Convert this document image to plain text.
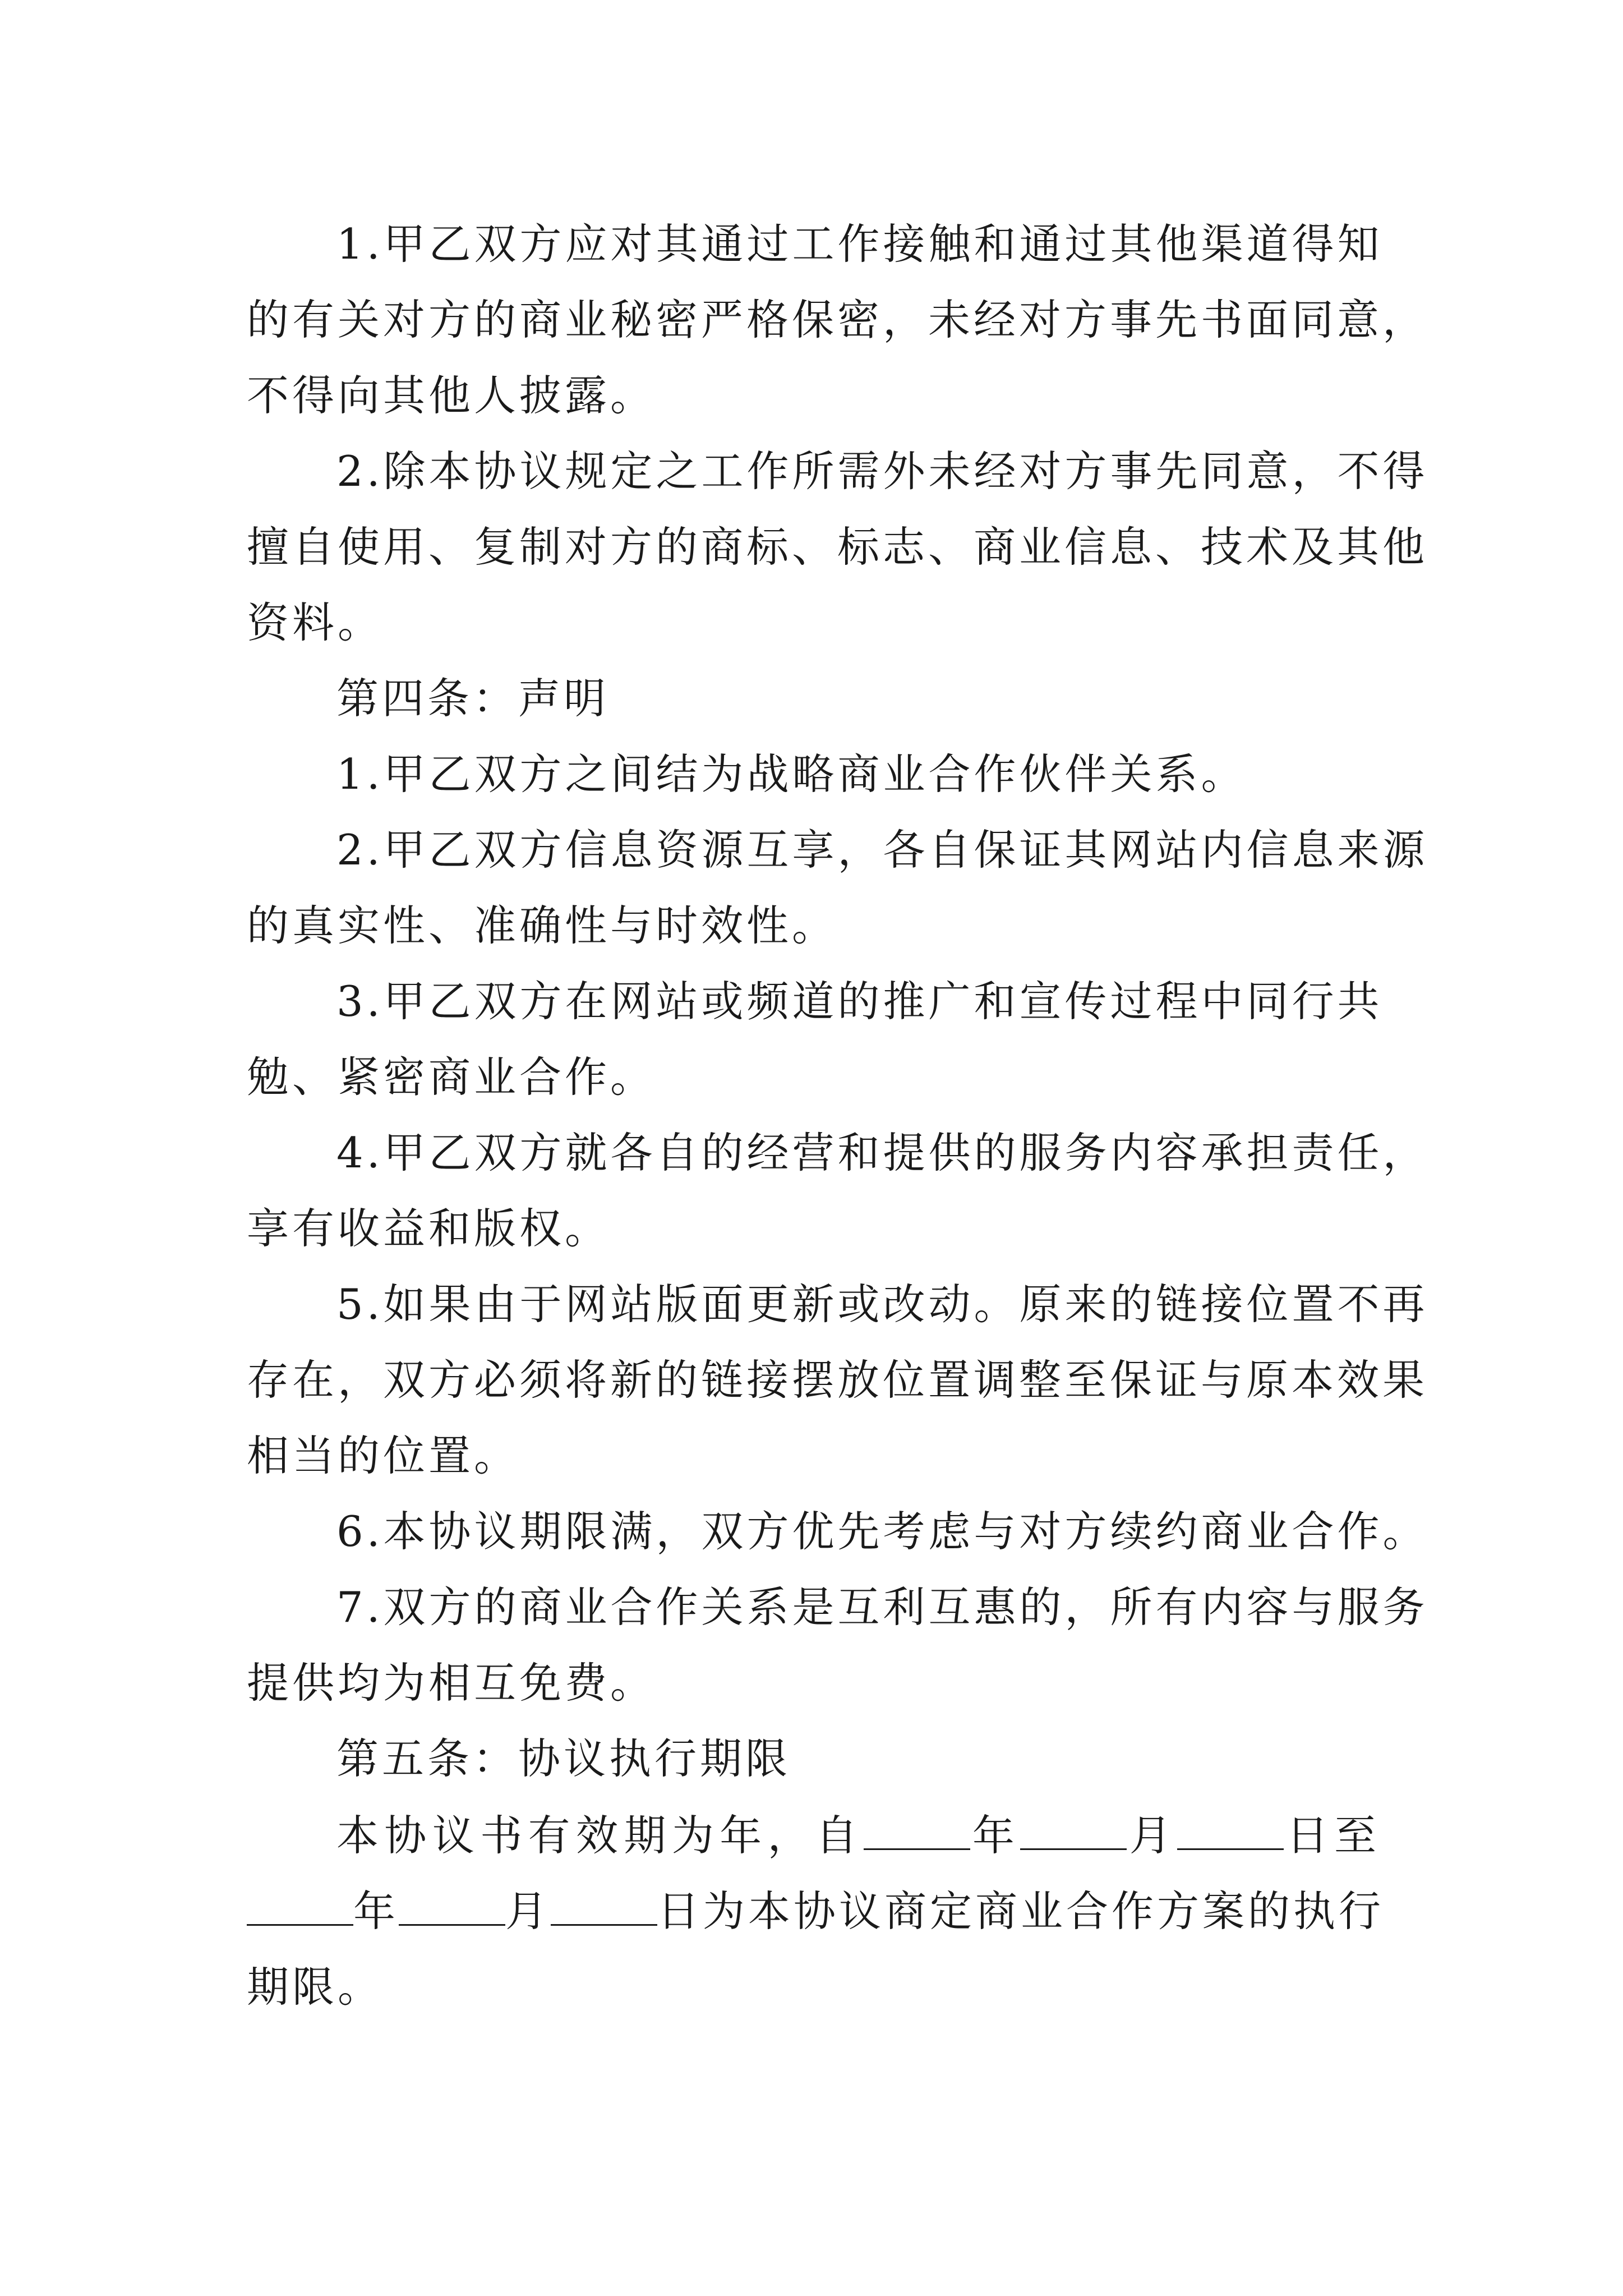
1.甲乙双方应对其通过工作接触和通过其他渠道得知
的有关对方的商业秘密严格保密，未经对方事先书面同意，
不得向其他人披露。
2.除本协议规定之工作所需外未经对方事先同意，不得
擅自使用、复制对方的商标、标志、商业信息、技术及其他
资料。
第四条：声明
1.甲乙双方之间结为战略商业合作伙伴关系。
2.甲乙双方信息资源互享，各自保证其网站内信息来源
的真实性、准确性与时效性。
3.甲乙双方在网站或频道的推广和宣传过程中同行共
勉、紧密商业合作。
4.甲乙双方就各自的经营和提供的服务内容承担责任，
享有收益和版权。
5.如果由于网站版面更新或改动。原来的链接位置不再
存在，双方必须将新的链接摆放位置调整至保证与原本效果
相当的位置。
6.本协议期限满，双方优先考虑与对方续约商业合作。
7.双方的商业合作关系是互利互惠的，所有内容与服务
提供均为相互免费。
第五条：协议执行期限
本协议书有效期为年，自	年	月	日至
年	月	日为本协议商定商业合作方案的执行
期限。
